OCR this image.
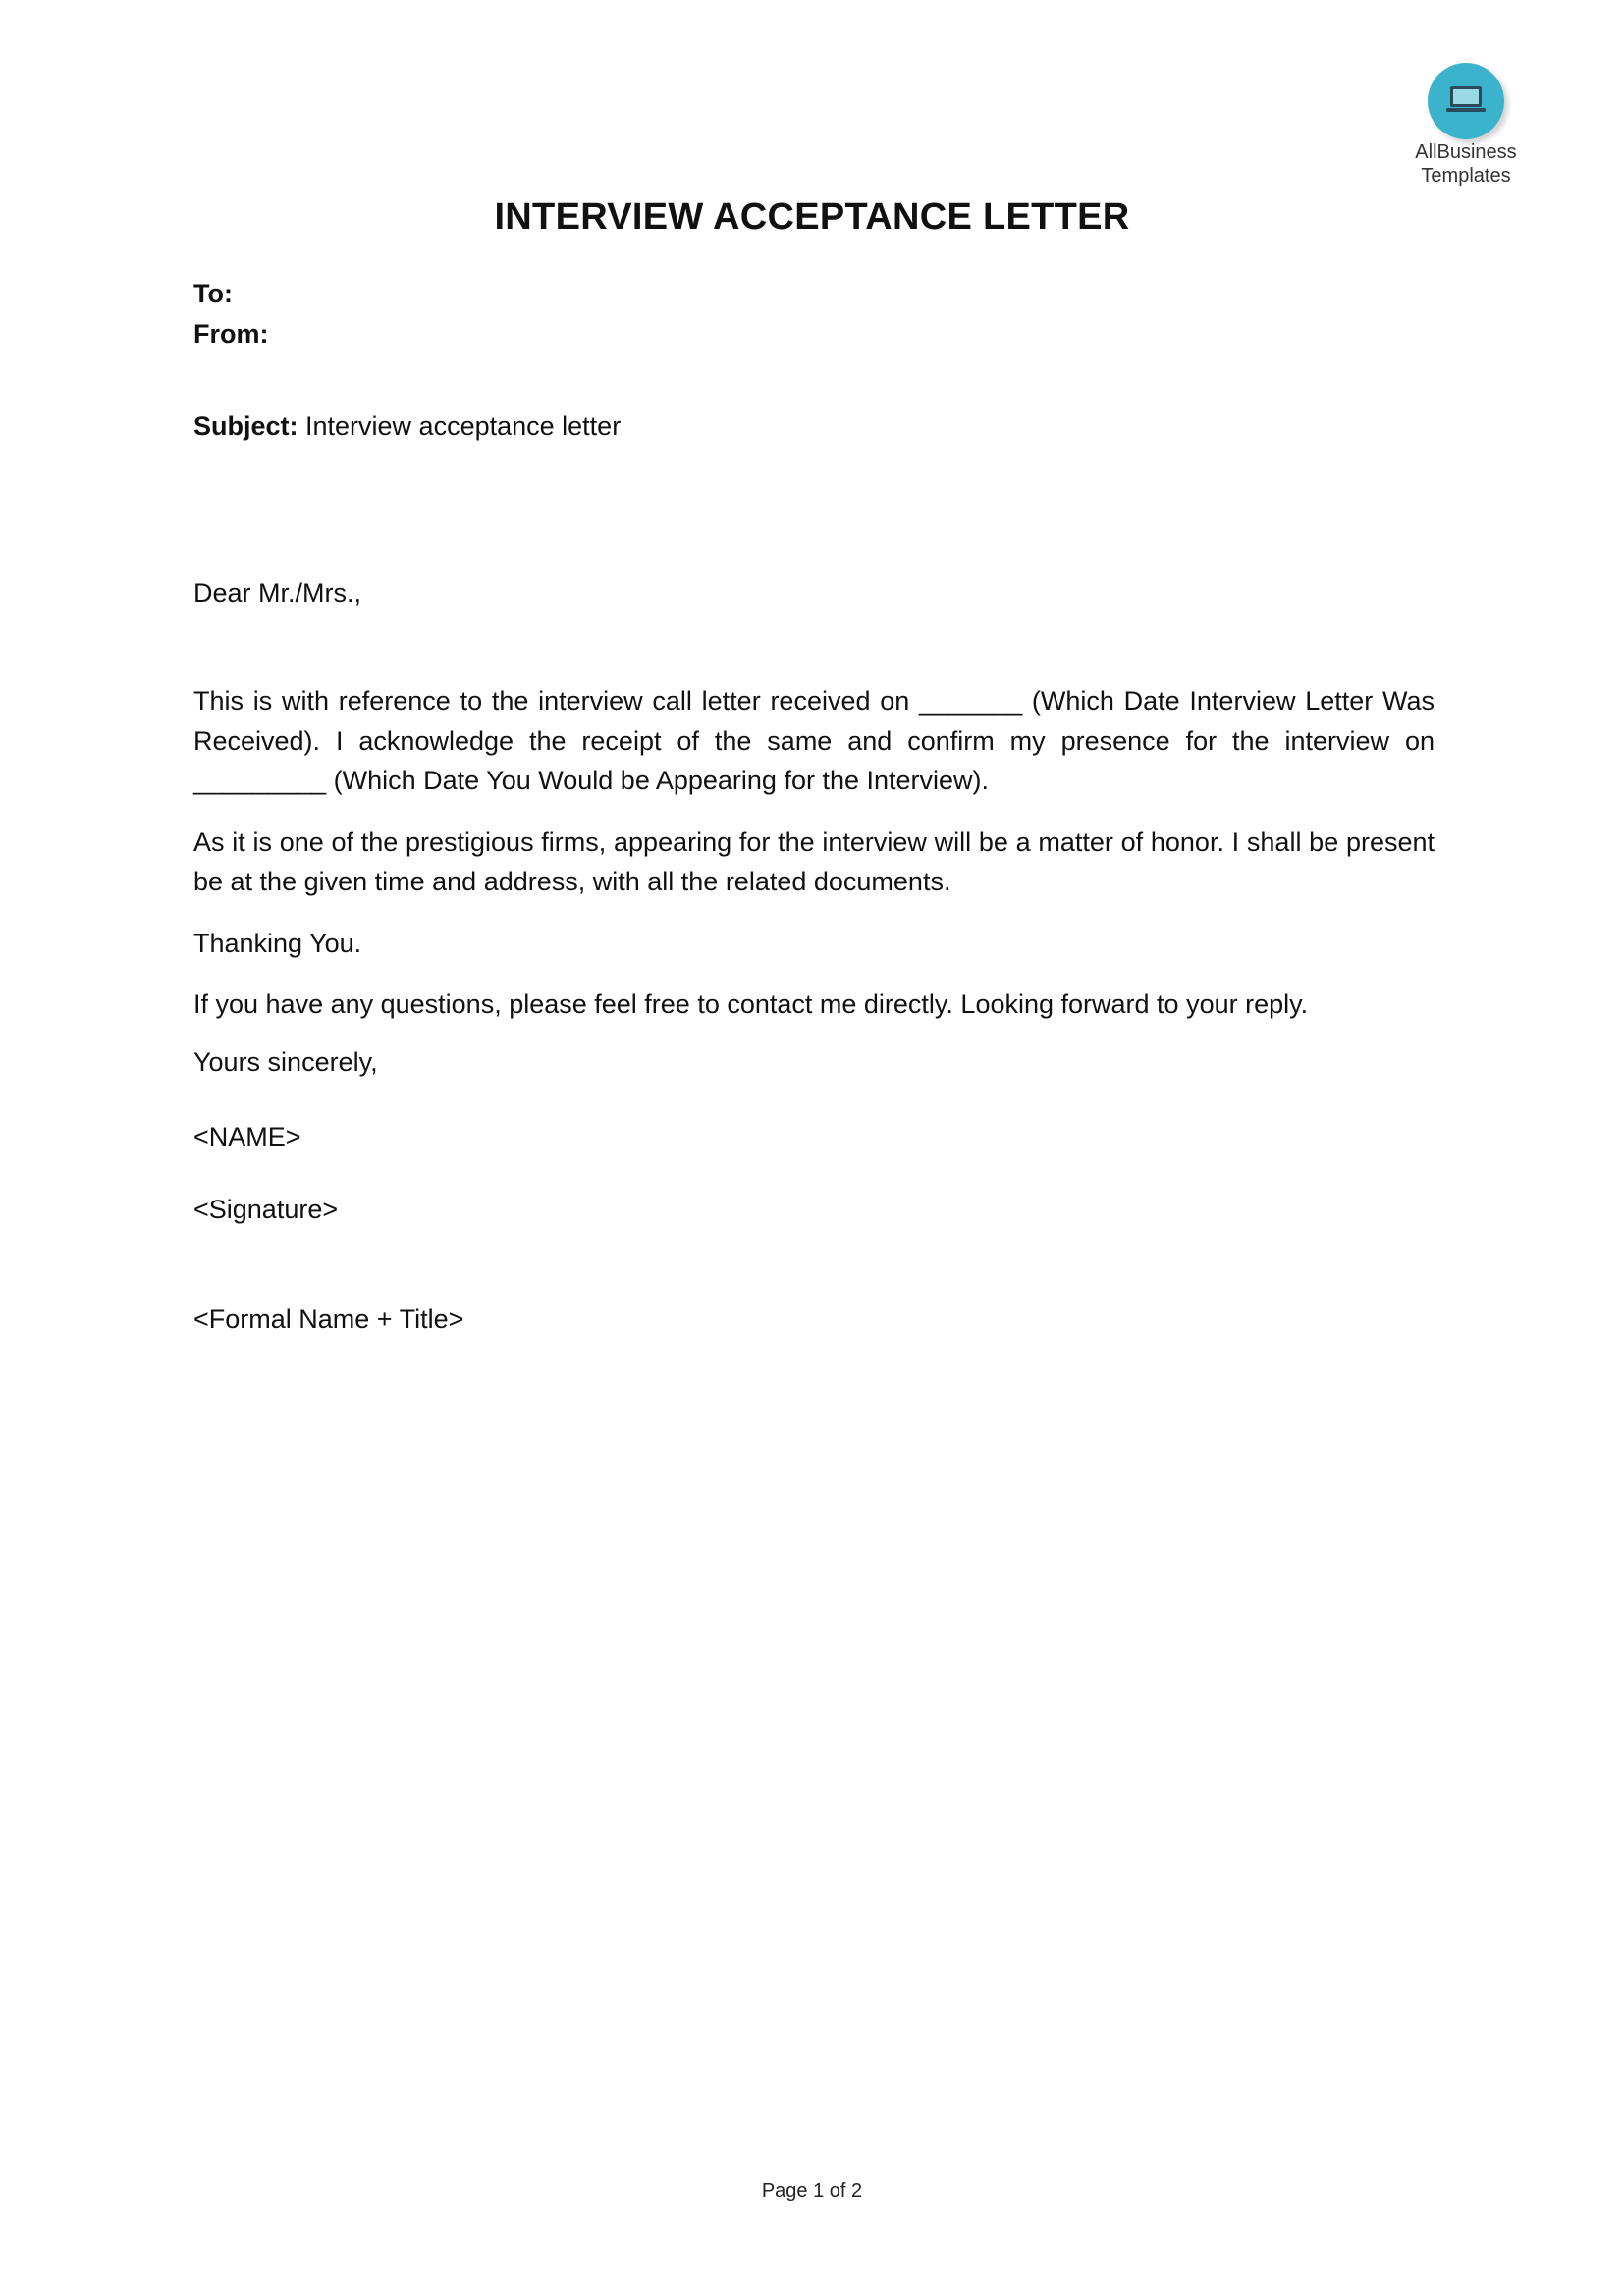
AllBusiness
Templates
INTERVIEW ACCEPTANCE LETTER
To:
From:
Subject: Interview acceptance letter
Dear Mr./Mrs.,

This is with reference to the interview call letter received on _______ (Which Date Interview Letter Was Received). I acknowledge the receipt of the same and confirm my presence for the interview on _________ (Which Date You Would be Appearing for the Interview).

As it is one of the prestigious firms, appearing for the interview will be a matter of honor. I shall be present be at the given time and address, with all the related documents.

Thanking You.

If you have any questions, please feel free to contact me directly. Looking forward to your reply.

Yours sincerely,
<NAME>
<Signature>
<Formal Name + Title>
Page 1 of 2
